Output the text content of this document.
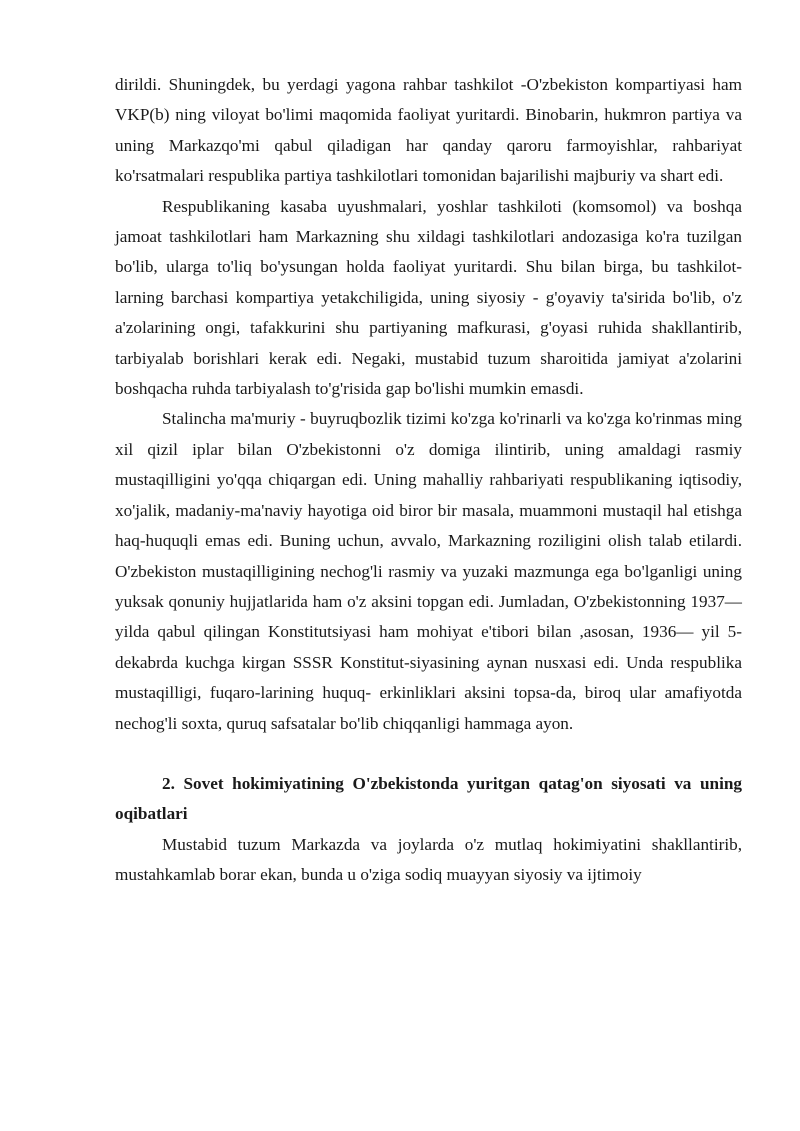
dirildi. Shuningdek, bu yerdagi yagona rahbar tashkilot -O'zbekiston kompartiyasi ham VKP(b) ning viloyat bo'limi maqomida faoliyat yuritardi. Binobarin, hukmron partiya va uning Markazqo'mi qabul qiladigan har qanday qaroru farmoyishlar, rahbariyat ko'rsatmalari respublika partiya tashkilotlari tomonidan bajarilishi majburiy va shart edi.

Respublikaning kasaba uyushmalari, yoshlar tashkiloti (komsomol) va boshqa jamoat tashkilotlari ham Markazning shu xildagi tashkilotlari andozasiga ko'ra tuzilgan bo'lib, ularga to'liq bo'ysungan holda faoliyat yuritardi. Shu bilan birga, bu tashkilot-larning barchasi kompartiya yetakchiligida, uning siyosiy - g'oyaviy ta'sirida bo'lib, o'z a'zolarining ongi, tafakkurini shu partiyaning mafkurasi, g'oyasi ruhida shakllantirib, tarbiyalab borishlari kerak edi. Negaki, mustabid tuzum sharoitida jamiyat a'zolarini boshqacha ruhda tarbiyalash to'g'risida gap bo'lishi mumkin emasdi.

Stalincha ma'muriy - buyruqbozlik tizimi ko'zga ko'rinarli va ko'zga ko'rinmas ming xil qizil iplar bilan O'zbekistonni o'z domiga ilintirib, uning amaldagi rasmiy mustaqilligini yo'qqa chiqargan edi. Uning mahalliy rahbariyati respublikaning iqtisodiy, xo'jalik, madaniy-ma'naviy hayotiga oid biror bir masala, muammoni mustaqil hal etishga haq-huquqli emas edi. Buning uchun, avvalo, Markazning roziligini olish talab etilardi. O'zbekiston mustaqilligining nechog'li rasmiy va yuzaki mazmunga ega bo'lganligi uning yuksak qonuniy hujjatlarida ham o'z aksini topgan edi. Jumladan, O'zbekistonning 1937— yilda qabul qilingan Konstitutsiyasi ham mohiyat e'tibori bilan ,asosan, 1936— yil 5- dekabrda kuchga kirgan SSSR Konstitut-siyasining aynan nusxasi edi. Unda respublika mustaqilligi, fuqaro-larining huquq- erkinliklari aksini topsa-da, biroq ular amafiyotda nechog'li soxta, quruq safsatalar bo'lib chiqqanligi hammaga ayon.

2. Sovet hokimiyatining O'zbekistonda yuritgan qatag'on siyosati va uning oqibatlari

Mustabid tuzum Markazda va joylarda o'z mutlaq hokimiyatini shakllantirib, mustahkamlab borar ekan, bunda u o'ziga sodiq muayyan siyosiy va ijtimoiy
